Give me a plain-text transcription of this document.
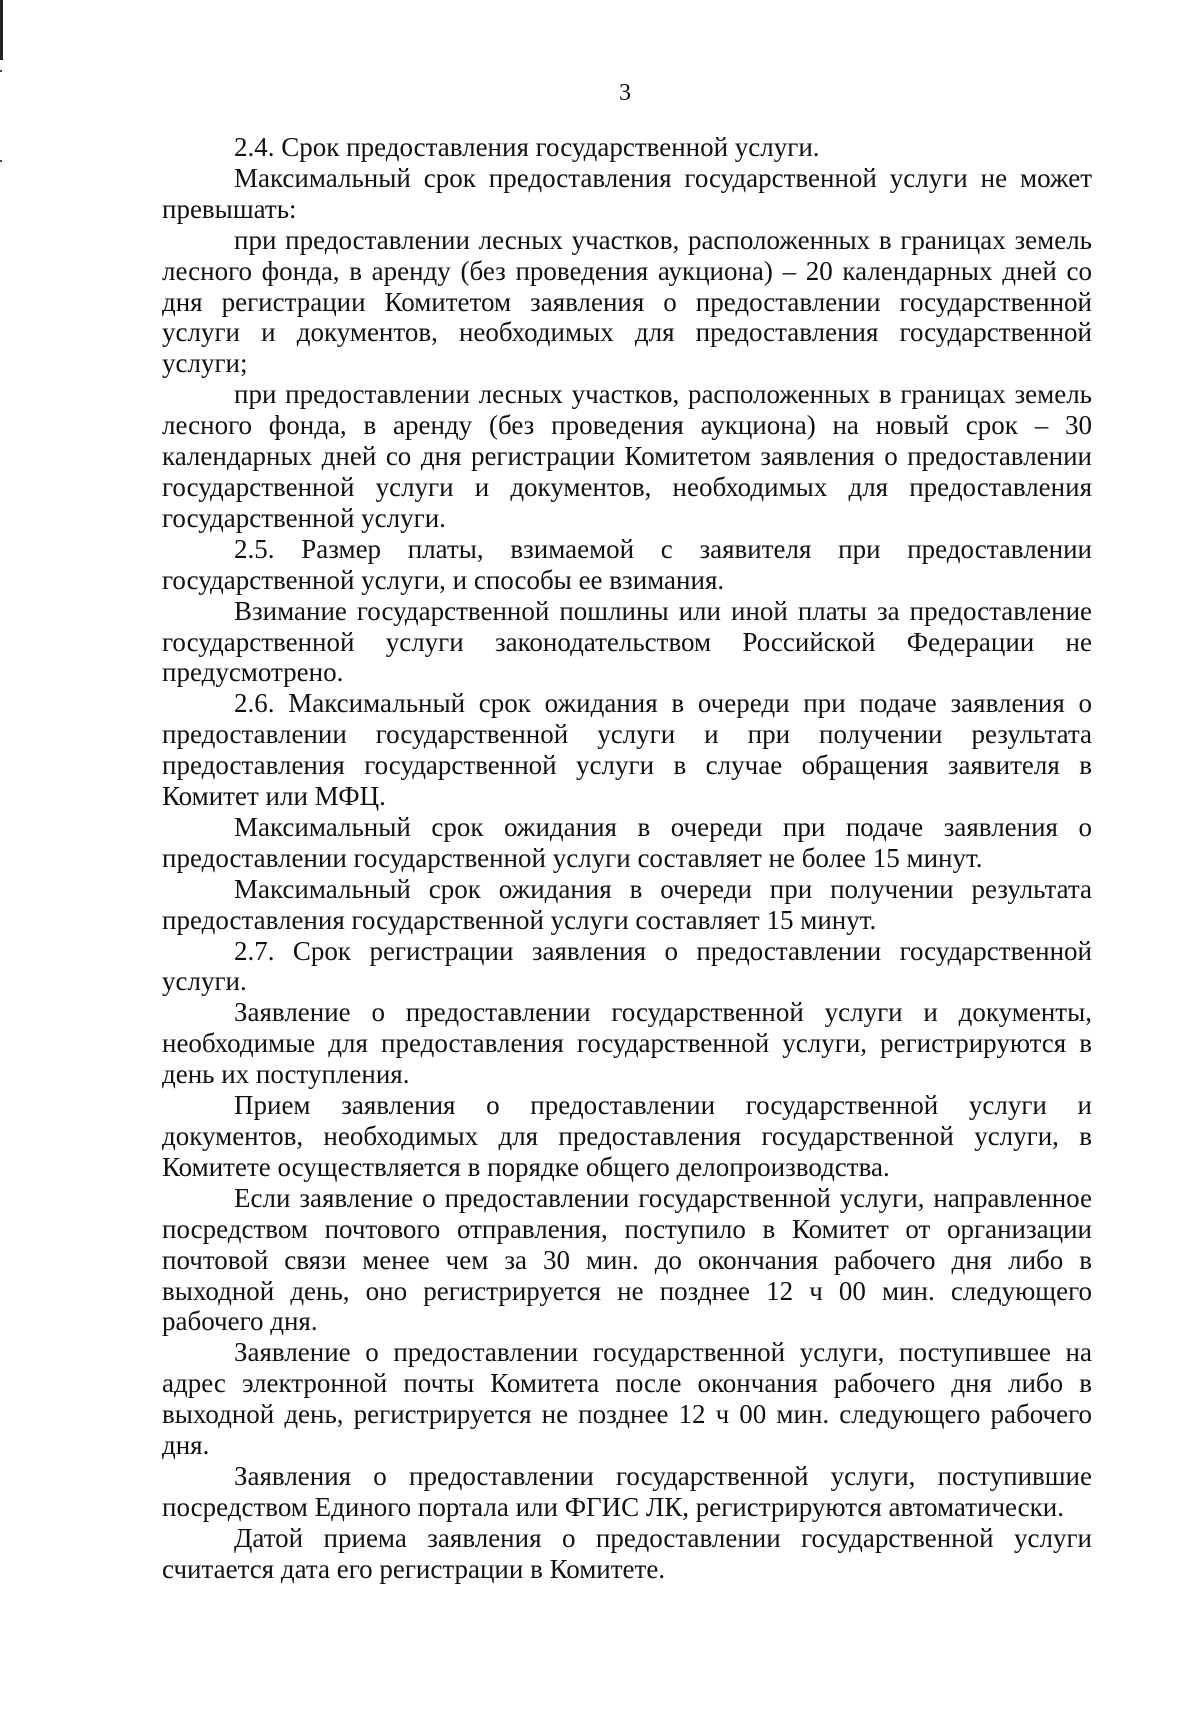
3

2.4. Срок предоставления государственной услуги.

Максимальный срок предоставления государственной услуги не может превышать:

при предоставлении лесных участков, расположенных в границах земель лесного фонда, в аренду (без проведения аукциона) – 20 календарных дней со дня регистрации Комитетом заявления о предоставлении государственной услуги и документов, необходимых для предоставления государственной услуги;

при предоставлении лесных участков, расположенных в границах земель лесного фонда, в аренду (без проведения аукциона) на новый срок – 30 календарных дней со дня регистрации Комитетом заявления о предоставлении государственной услуги и документов, необходимых для предоставления государственной услуги.

2.5. Размер платы, взимаемой с заявителя при предоставлении государственной услуги, и способы ее взимания.

Взимание государственной пошлины или иной платы за предоставление государственной услуги законодательством Российской Федерации не предусмотрено.

2.6. Максимальный срок ожидания в очереди при подаче заявления о предоставлении государственной услуги и при получении результата предоставления государственной услуги в случае обращения заявителя в Комитет или МФЦ.

Максимальный срок ожидания в очереди при подаче заявления о предоставлении государственной услуги составляет не более 15 минут.

Максимальный срок ожидания в очереди при получении результата предоставления государственной услуги составляет 15 минут.

2.7. Срок регистрации заявления о предоставлении государственной услуги.

Заявление о предоставлении государственной услуги и документы, необходимые для предоставления государственной услуги, регистрируются в день их поступления.

Прием заявления о предоставлении государственной услуги и документов, необходимых для предоставления государственной услуги, в Комитете осуществляется в порядке общего делопроизводства.

Если заявление о предоставлении государственной услуги, направленное посредством почтового отправления, поступило в Комитет от организации почтовой связи менее чем за 30 мин. до окончания рабочего дня либо в выходной день, оно регистрируется не позднее 12 ч 00 мин. следующего рабочего дня.

Заявление о предоставлении государственной услуги, поступившее на адрес электронной почты Комитета после окончания рабочего дня либо в выходной день, регистрируется не позднее 12 ч 00 мин. следующего рабочего дня.

Заявления о предоставлении государственной услуги, поступившие посредством Единого портала или ФГИС ЛК, регистрируются автоматически.

Датой приема заявления о предоставлении государственной услуги считается дата его регистрации в Комитете.
